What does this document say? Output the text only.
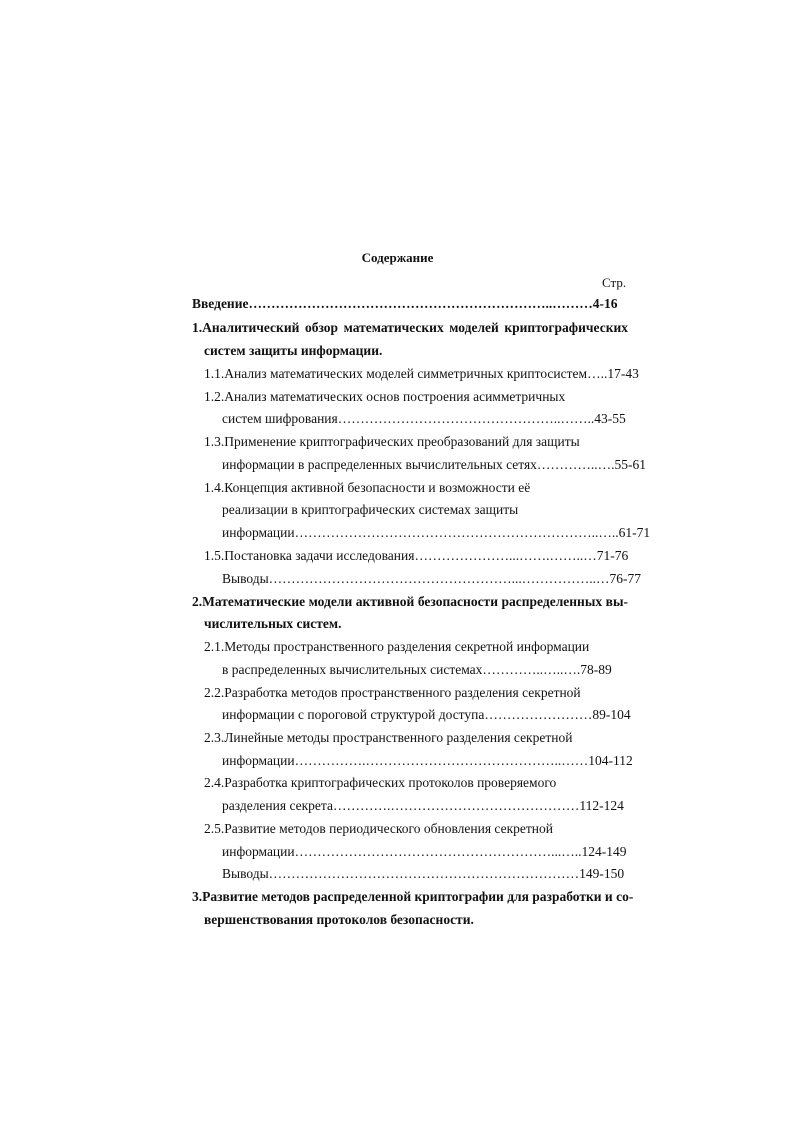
Содержание
Стр.
Введение…………………………………………………………..………4-16
1.Аналитический обзор математических моделей криптографических
систем защиты информации.
1.1.Анализ математических моделей симметричных криптосистем…..17-43
1.2.Анализ математических основ построения асимметричных
систем шифрования…………………………………………..……..43-55
1.3.Применение криптографических преобразований для защиты
информации в распределенных вычислительных сетях…………..….55-61
1.4.Концепция активной безопасности и возможности её
реализации в криптографических системах защиты
информации…………………………………………………………..…..61-71
1.5.Постановка задачи исследования…………………...…….……..…71-76
Выводы………………………………………………...……………..…76-77
2.Математические модели активной безопасности распределенных вы-
числительных систем.
2.1.Методы пространственного разделения секретной информации
в распределенных вычислительных системах…………..…..….78-89
2.2.Разработка методов пространственного разделения секретной
информации с пороговой структурой доступа……………………89-104
2.3.Линейные методы пространственного разделения секретной
информации…………….……………………………………..……104-112
2.4.Разработка криптографических протоколов проверяемого
разделения секрета………….……………………………………112-124
2.5.Развитие методов периодического обновления секретной
информации…………………………………………………...…..124-149
Выводы……………………………………………………………149-150
3.Развитие методов распределенной криптографии для разработки и со-
вершенствования протоколов безопасности.
